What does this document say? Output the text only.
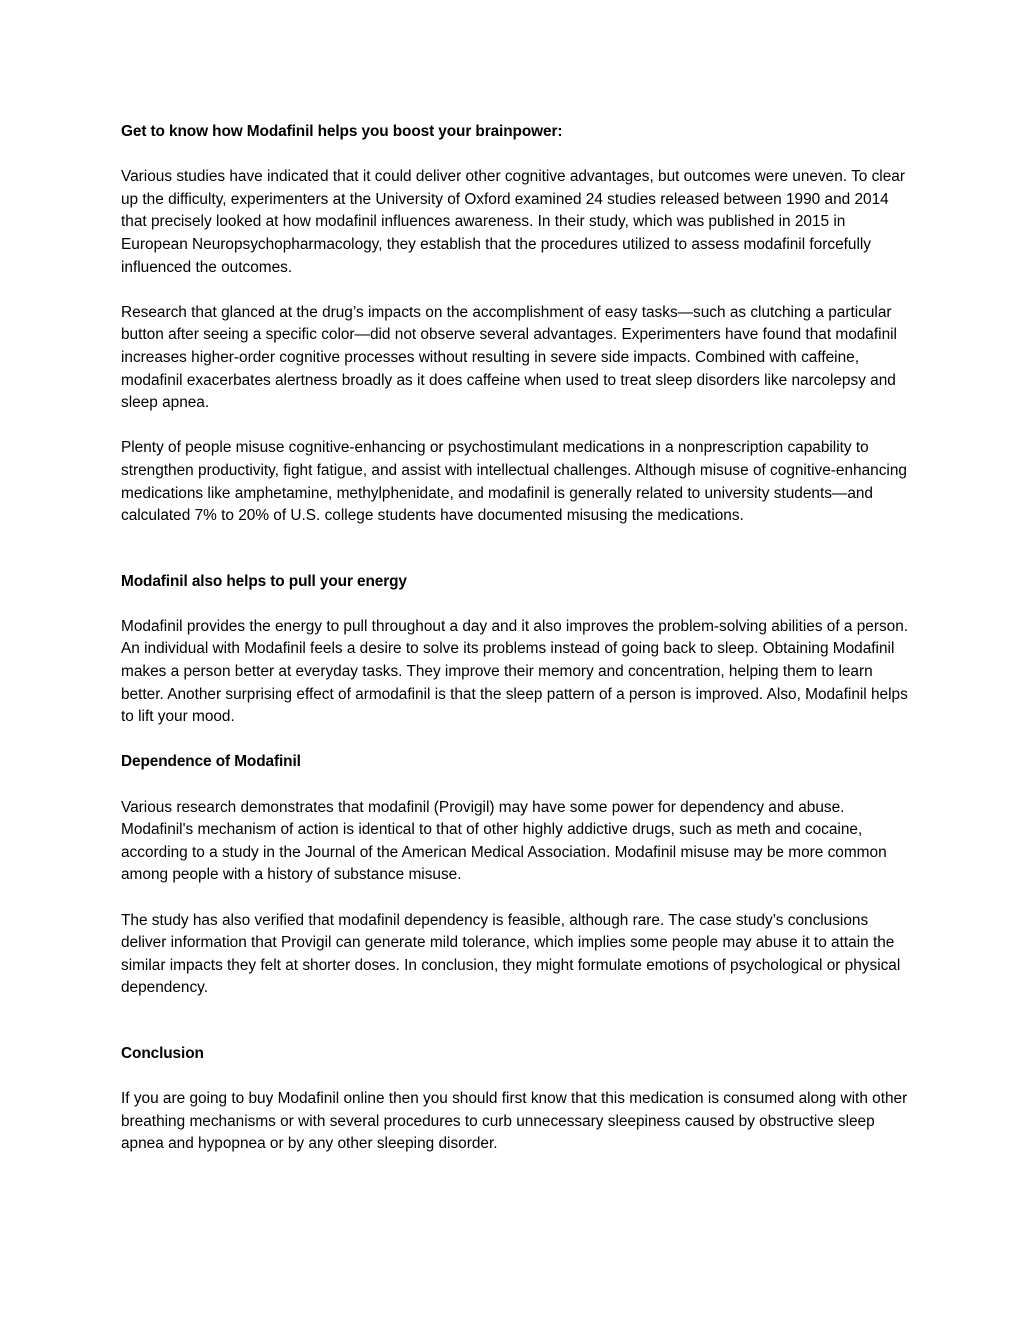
Get to know how Modafinil helps you boost your brainpower:

Various studies have indicated that it could deliver other cognitive advantages, but outcomes were uneven. To clear up the difficulty, experimenters at the University of Oxford examined 24 studies released between 1990 and 2014 that precisely looked at how modafinil influences awareness. In their study, which was published in 2015 in European Neuropsychopharmacology, they establish that the procedures utilized to assess modafinil forcefully influenced the outcomes.

Research that glanced at the drug’s impacts on the accomplishment of easy tasks—such as clutching a particular button after seeing a specific color—did not observe several advantages. Experimenters have found that modafinil increases higher-order cognitive processes without resulting in severe side impacts. Combined with caffeine, modafinil exacerbates alertness broadly as it does caffeine when used to treat sleep disorders like narcolepsy and sleep apnea.

Plenty of people misuse cognitive-enhancing or psychostimulant medications in a nonprescription capability to strengthen productivity, fight fatigue, and assist with intellectual challenges. Although misuse of cognitive-enhancing medications like amphetamine, methylphenidate, and modafinil is generally related to university students—and calculated 7% to 20% of U.S. college students have documented misusing the medications.

Modafinil also helps to pull your energy

Modafinil provides the energy to pull throughout a day and it also improves the problem-solving abilities of a person. An individual with Modafinil feels a desire to solve its problems instead of going back to sleep. Obtaining Modafinil makes a person better at everyday tasks. They improve their memory and concentration, helping them to learn better. Another surprising effect of armodafinil is that the sleep pattern of a person is improved. Also, Modafinil helps to lift your mood.

Dependence of Modafinil

Various research demonstrates that modafinil (Provigil) may have some power for dependency and abuse. Modafinil's mechanism of action is identical to that of other highly addictive drugs, such as meth and cocaine, according to a study in the Journal of the American Medical Association. Modafinil misuse may be more common among people with a history of substance misuse.

The study has also verified that modafinil dependency is feasible, although rare. The case study’s conclusions deliver information that Provigil can generate mild tolerance, which implies some people may abuse it to attain the similar impacts they felt at shorter doses. In conclusion, they might formulate emotions of psychological or physical dependency.

Conclusion

If you are going to buy Modafinil online then you should first know that this medication is consumed along with other breathing mechanisms or with several procedures to curb unnecessary sleepiness caused by obstructive sleep apnea and hypopnea or by any other sleeping disorder.
